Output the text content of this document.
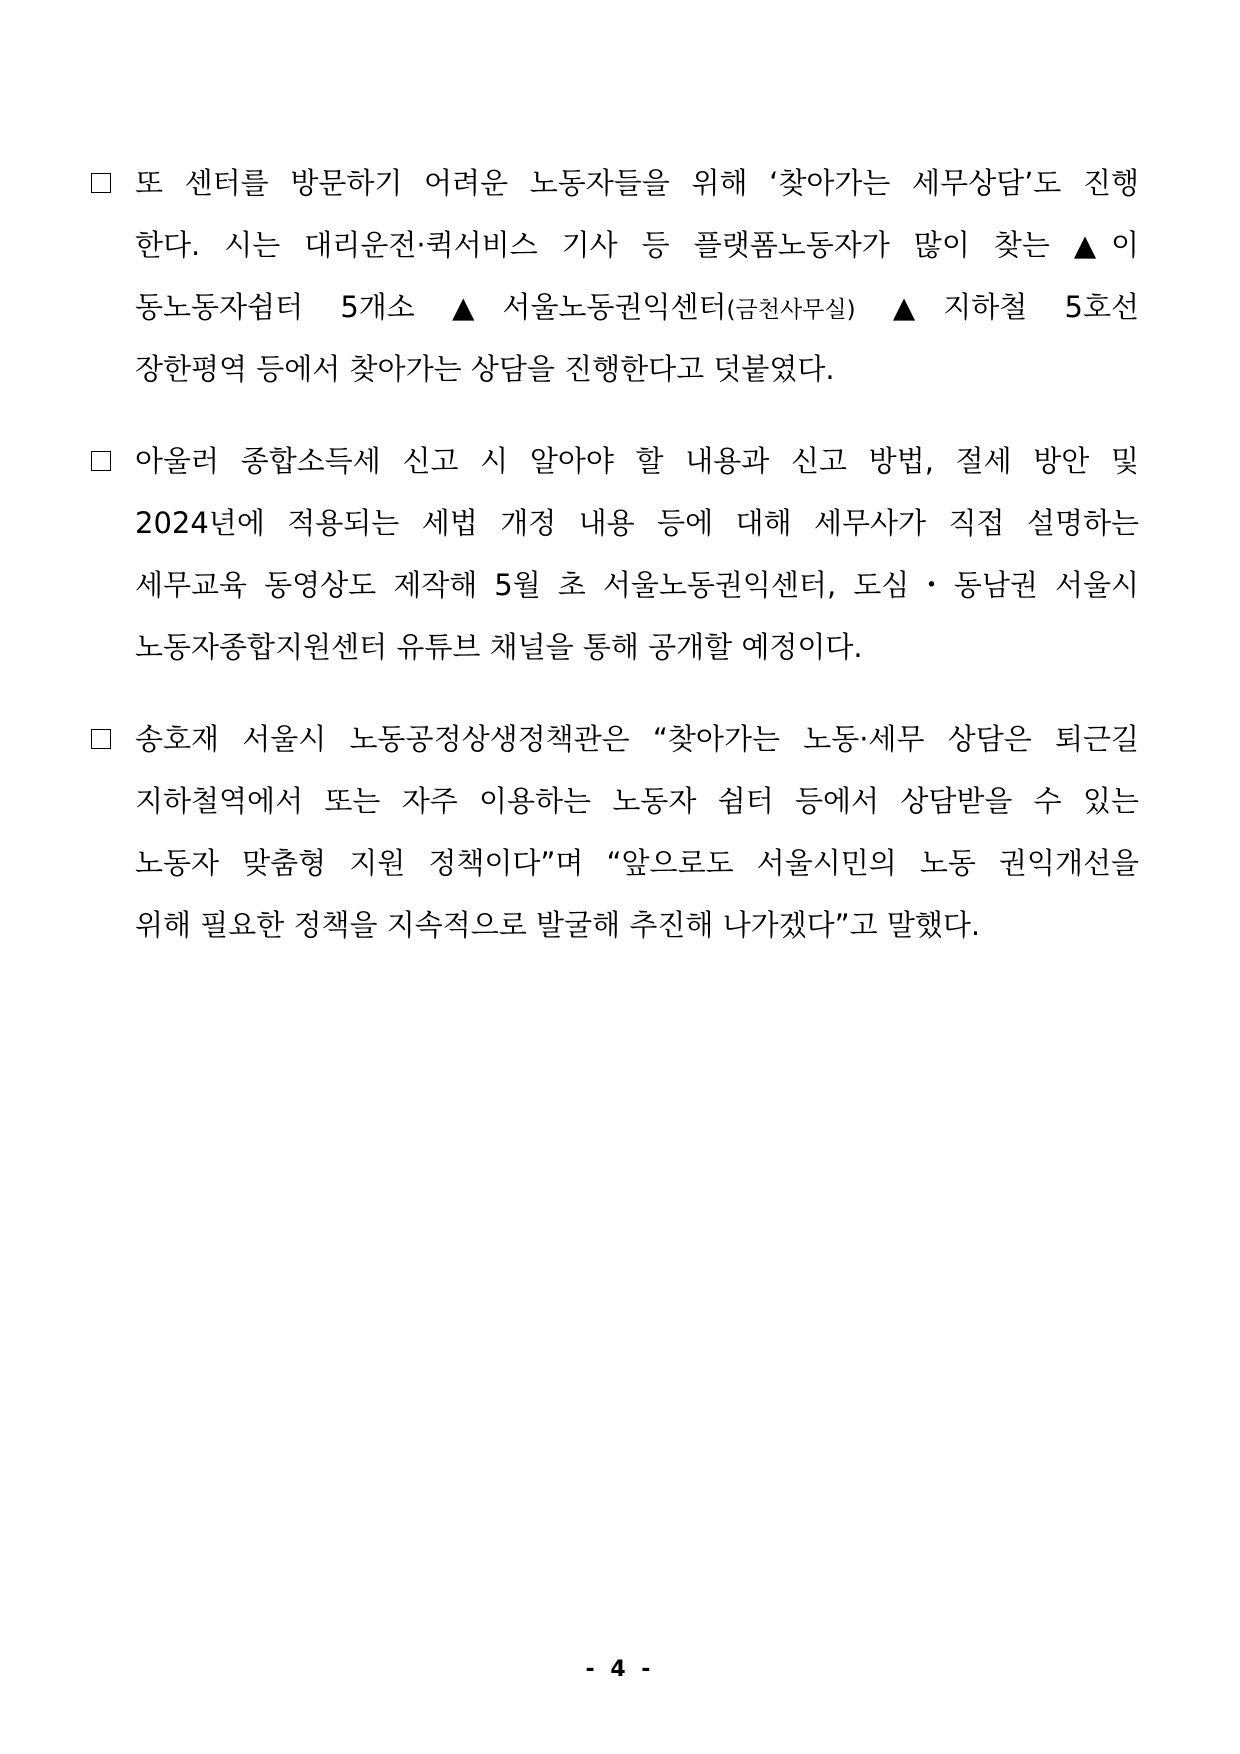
또 센터를 방문하기 어려운 노동자들을 위해 ‘찾아가는 세무상담’도 진행
한다. 시는 대리운전·퀵서비스 기사 등 플랫폼노동자가 많이 찾는 ▲이
동노동자쉼터 5개소 ▲서울노동권익센터(금천사무실) ▲지하철 5호선
장한평역 등에서 찾아가는 상담을 진행한다고 덧붙였다.
아울러 종합소득세 신고 시 알아야 할 내용과 신고 방법, 절세 방안 및
2024년에 적용되는 세법 개정 내용 등에 대해 세무사가 직접 설명하는
세무교육 동영상도 제작해 5월 초 서울노동권익센터, 도심・동남권 서울시
노동자종합지원센터 유튜브 채널을 통해 공개할 예정이다.
송호재 서울시 노동공정상생정책관은 “찾아가는 노동·세무 상담은 퇴근길
지하철역에서 또는 자주 이용하는 노동자 쉼터 등에서 상담받을 수 있는
노동자 맞춤형 지원 정책이다”며 “앞으로도 서울시민의 노동 권익개선을
위해 필요한 정책을 지속적으로 발굴해 추진해 나가겠다”고 말했다.
- 4 -
